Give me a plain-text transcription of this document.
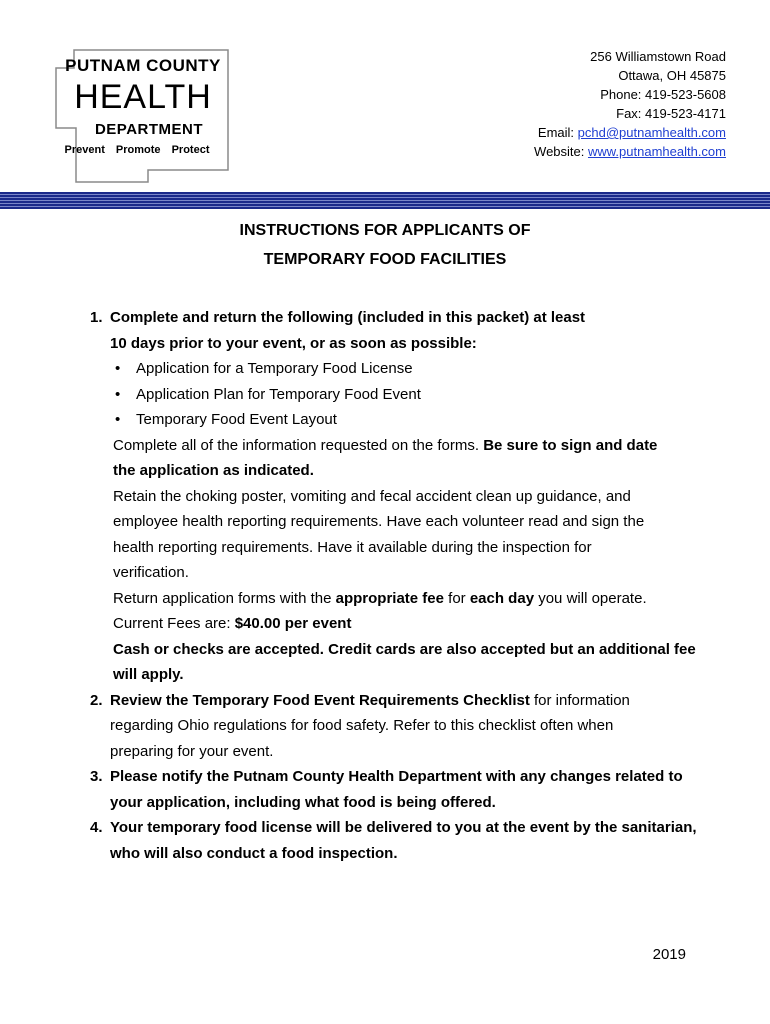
PUTNAM COUNTY
HEALTH
DEPARTMENT
Prevent Promote Protect
256 Williamstown Road
Ottawa, OH 45875
Phone: 419-523-5608
Fax: 419-523-4171
Email: pchd@putnamhealth.com
Website: www.putnamhealth.com
INSTRUCTIONS FOR APPLICANTS OF
TEMPORARY FOOD FACILITIES
1. Complete and return the following (included in this packet) at least
10 days prior to your event, or as soon as possible:
• Application for a Temporary Food License
• Application Plan for Temporary Food Event
• Temporary Food Event Layout
Complete all of the information requested on the forms. Be sure to sign and date
the application as indicated.
Retain the choking poster, vomiting and fecal accident clean up guidance, and
employee health reporting requirements. Have each volunteer read and sign the
health reporting requirements. Have it available during the inspection for
verification.
Return application forms with the appropriate fee for each day you will operate.
Current Fees are: $40.00 per event
Cash or checks are accepted. Credit cards are also accepted but an additional fee
will apply.
2. Review the Temporary Food Event Requirements Checklist for information
regarding Ohio regulations for food safety. Refer to this checklist often when
preparing for your event.
3. Please notify the Putnam County Health Department with any changes related to
your application, including what food is being offered.
4. Your temporary food license will be delivered to you at the event by the sanitarian,
who will also conduct a food inspection.
2019
